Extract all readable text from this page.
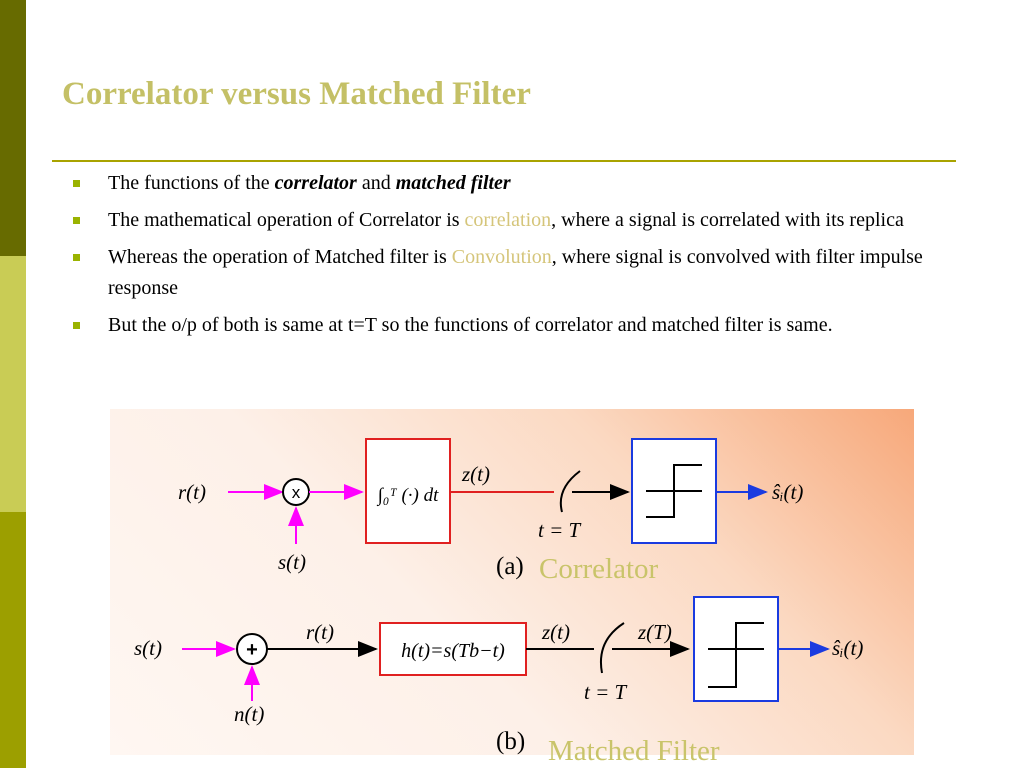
Correlator versus Matched Filter
The functions of the correlator and matched filter
The mathematical operation of Correlator is correlation, where a signal is correlated with its replica
Whereas the operation of Matched filter is Convolution, where signal is convolved with filter impulse response
But the o/p of both is same at t=T so the functions of correlator and matched filter is same.
r(t)	x
s(t)
∫₀ᵀ (·) dt
z(t)
t = T
ŝᵢ(t)
(a)
s(t)	+
n(t)
r(t)
h(t)=s(Tb−t)
z(t)	z(T)
t = T
ŝᵢ(t)
(b)
Correlator
Matched Filter
